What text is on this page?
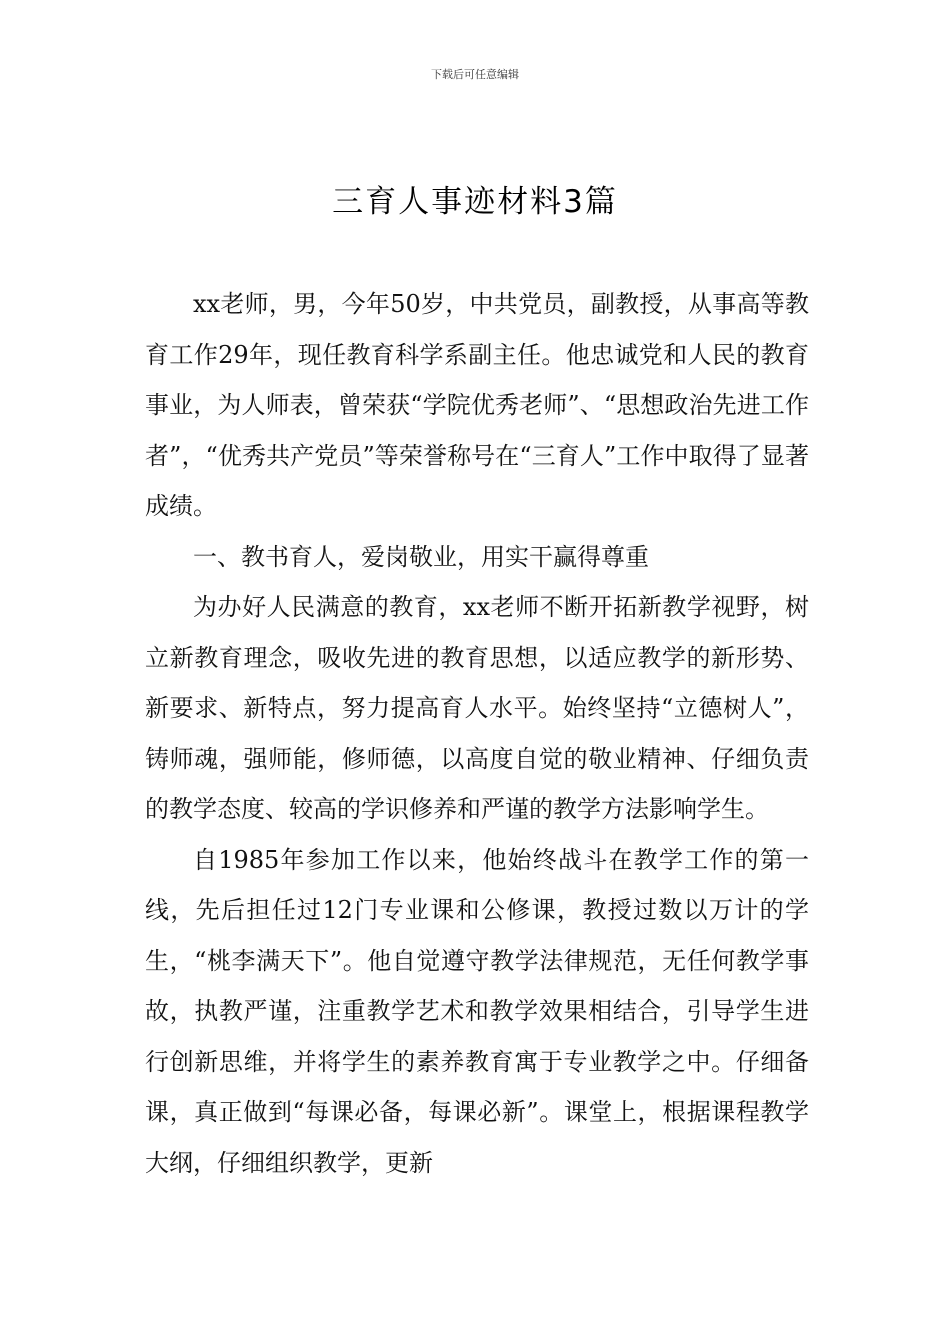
下载后可任意编辑
三育人事迹材料3篇

xx老师，男，今年50岁，中共党员，副教授，从事高等教育工作29年，现任教育科学系副主任。他忠诚党和人民的教育事业，为人师表，曾荣获“学院优秀老师”、“思想政治先进工作者”，“优秀共产党员”等荣誉称号在“三育人”工作中取得了显著成绩。

一、教书育人，爱岗敬业，用实干赢得尊重

为办好人民满意的教育，xx老师不断开拓新教学视野，树立新教育理念，吸收先进的教育思想，以适应教学的新形势、新要求、新特点，努力提高育人水平。始终坚持“立德树人”， 铸师魂，强师能，修师德，以高度自觉的敬业精神、仔细负责的教学态度、较高的学识修养和严谨的教学方法影响学生。

自1985年参加工作以来，他始终战斗在教学工作的第一线，先后担任过12门专业课和公修课，教授过数以万计的学生，“桃李满天下”。他自觉遵守教学法律规范，无任何教学事故，执教严谨，注重教学艺术和教学效果相结合，引导学生进行创新思维，并将学生的素养教育寓于专业教学之中。仔细备课，真正做到“每课必备，每课必新”。课堂上，根据课程教学大纲，仔细组织教学，更新
